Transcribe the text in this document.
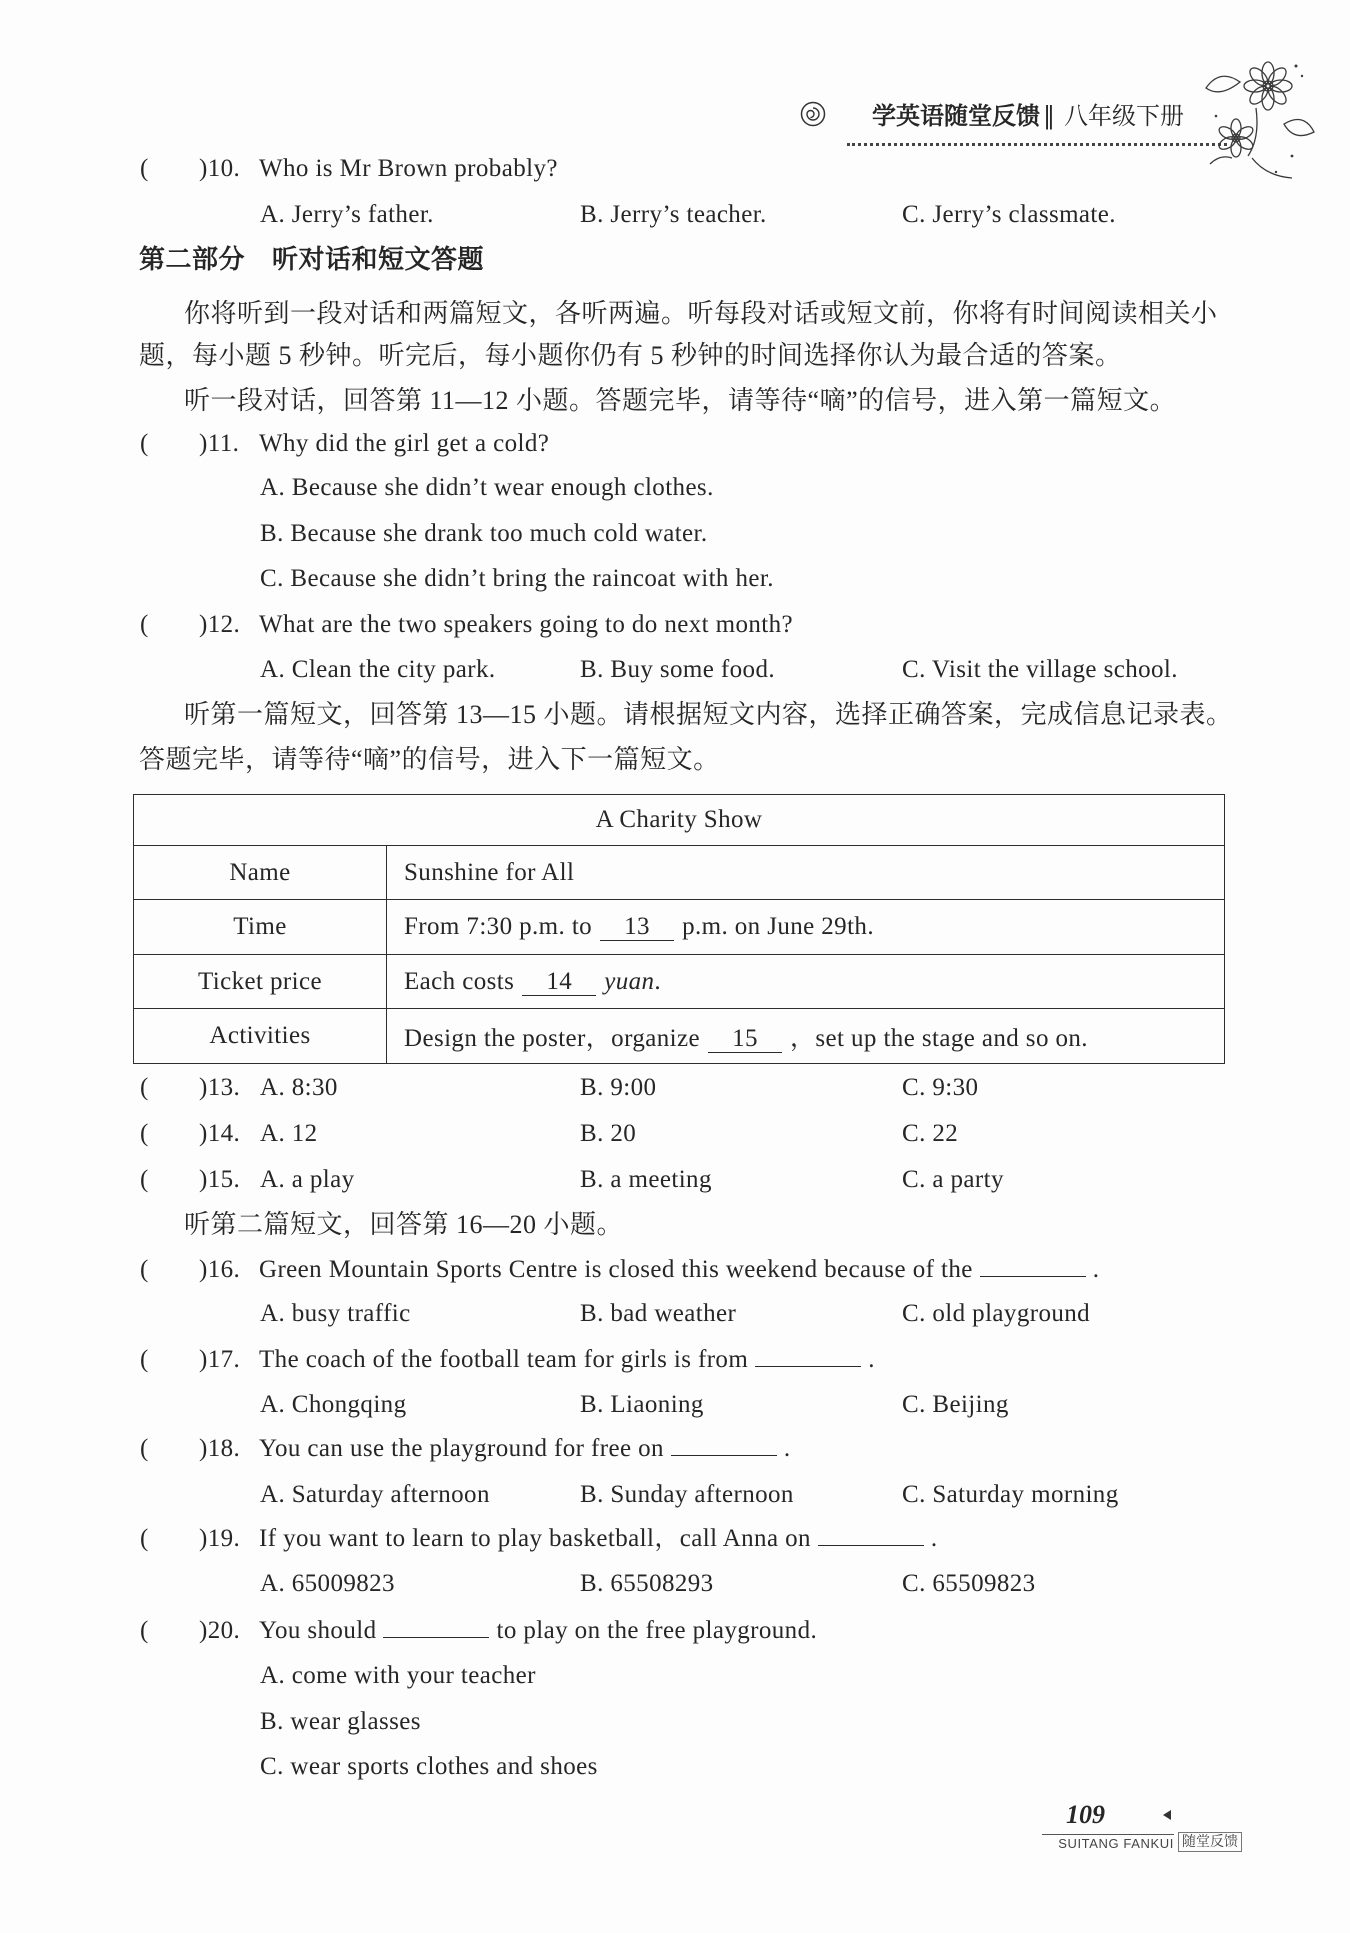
学英语随堂反馈 ‖ 八年级下册
( )10. Who is Mr Brown probably?
A. Jerry’s father.	B. Jerry’s teacher.	C. Jerry’s classmate.
第二部分 听对话和短文答题
你将听到一段对话和两篇短文，各听两遍。听每段对话或短文前，你将有时间阅读相关小
题，每小题 5 秒钟。听完后，每小题你仍有 5 秒钟的时间选择你认为最合适的答案。
听一段对话，回答第 11—12 小题。答题完毕，请等待“嘀”的信号，进入第一篇短文。
( )11. Why did the girl get a cold?
A. Because she didn’t wear enough clothes.
B. Because she drank too much cold water.
C. Because she didn’t bring the raincoat with her.
( )12. What are the two speakers going to do next month?
A. Clean the city park.	B. Buy some food.	C. Visit the village school.
听第一篇短文，回答第 13—15 小题。请根据短文内容，选择正确答案，完成信息记录表。
答题完毕，请等待“嘀”的信号，进入下一篇短文。
A Charity Show	
Name	Sunshine for All
Time	From 7:30 p.m. to 13 p.m. on June 29th.
Ticket price	Each costs 14 yuan.
Activities	Design the poster，organize 15 ，set up the stage and so on.
( )13. A. 8:30	B. 9:00	C. 9:30
( )14. A. 12	B. 20	C. 22
( )15. A. a play	B. a meeting	C. a party
听第二篇短文，回答第 16—20 小题。
( )16. Green Mountain Sports Centre is closed this weekend because of the	.
A. busy traffic	B. bad weather	C. old playground
( )17. The coach of the football team for girls is from	.
A. Chongqing	B. Liaoning	C. Beijing
( )18. You can use the playground for free on	.
A. Saturday afternoon	B. Sunday afternoon	C. Saturday morning
( )19. If you want to learn to play basketball，call Anna on	.
A. 65009823	B. 65508293	C. 65509823
( )20. You should	to play on the free playground.
A. come with your teacher
B. wear glasses
C. wear sports clothes and shoes
109
SUITANG FANKUI 随堂反馈
